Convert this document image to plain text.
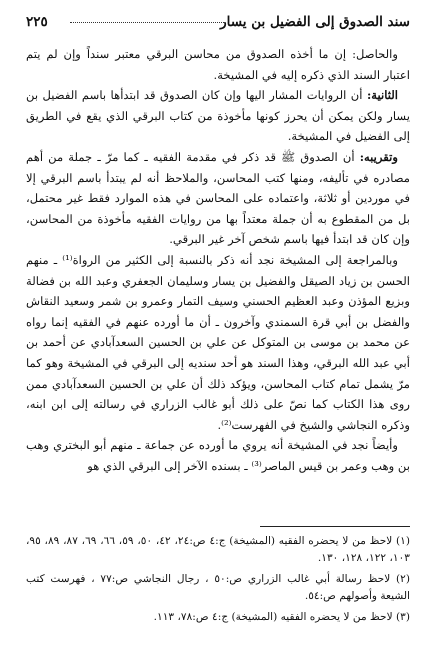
سند الصدوق إلى الفضيل بن يسار
٢٢٥

والحاصل: إن ما أخذه الصدوق من محاسن البرقي معتبر سنداً وإن لم يتم اعتبار السند الذي ذكره إليه في المشيخة.

الثانية: أن الروايات المشار اليها وإن كان الصدوق قد ابتدأها باسم الفضيل بن يسار ولكن يمكن أن يحرز كونها مأخوذة من كتاب البرقي الذي يقع في الطريق إلى الفضيل في المشيخة.

وتقريبه: أن الصدوق ﷺ قد ذكر في مقدمة الفقيه ـ كما مرّ ـ جملة من أهم مصادره في تأليفه، ومنها كتب المحاسن، والملاحظ أنه لم يبتدأ باسم البرقي إلا في موردين أو ثلاثة، واعتماده على المحاسن في هذه الموارد فقط غير محتمل، بل من المقطوع به أن جملة معتداً بها من روايات الفقيه مأخوذة من المحاسن، وإن كان قد ابتدأ فيها باسم شخص آخر غير البرقي.

وبالمراجعة إلى المشيخة نجد أنه ذكر بالنسبة إلى الكثير من الرواة⁽¹⁾ ـ منهم الحسن بن زياد الصيقل والفضيل بن يسار وسليمان الجعفري وعبد الله بن فضالة وبزيع المؤذن وعبد العظيم الحسني وسيف التمار وعمرو بن شمر وسعيد النقاش والفضل بن أبي قرة السمندي وآخرون ـ أن ما أورده عنهم في الفقيه إنما رواه عن محمد بن موسى بن المتوكل عن علي بن الحسين السعدآبادي عن أحمد بن أبي عبد الله البرقي، وهذا السند هو أحد سنديه إلى البرقي في المشيخة وهو كما مرّ يشمل تمام كتاب المحاسن، ويؤكد ذلك أن علي بن الحسين السعدآبادي ممن روى هذا الكتاب كما نصّ على ذلك أبو غالب الزراري في رسالته إلى ابن ابنه، وذكره النجاشي والشيخ في الفهرست⁽²⁾.

وأيضاً نجد في المشيخة أنه يروي ما أورده عن جماعة ـ منهم أبو البختري وهب بن وهب وعمر بن قيس الماصر⁽³⁾ ـ بسنده الآخر إلى البرقي الذي هو

(١) لاحظ من لا يحضره الفقيه (المشيخة) ج:٤ ص:٢٤، ٤٢، ٥٠، ٥٩، ٦٦، ٦٩، ٨٧، ٨٩، ٩٥، ١٠٣، ١٢٢، ١٢٨، ١٣٠.

(٢) لاحظ رسالة أبي غالب الزراري ص:٥٠ ، رجال النجاشي ص:٧٧ ، فهرست كتب الشيعة وأصولهم ص:٥٤.

(٣) لاحظ من لا يحضره الفقيه (المشيخة) ج:٤ ص:٧٨، ١١٣.
